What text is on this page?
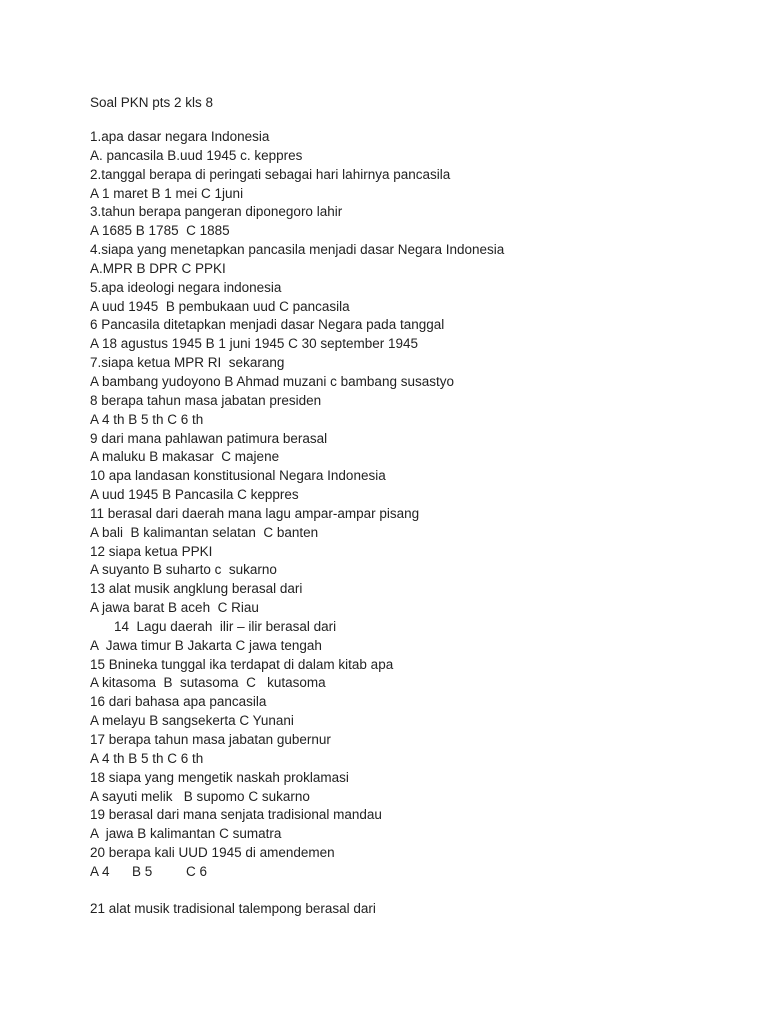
Soal PKN pts 2 kls 8
1.apa dasar negara Indonesia
A. pancasila B.uud 1945 c. keppres
2.tanggal berapa di peringati sebagai hari lahirnya pancasila
A 1 maret B 1 mei C 1juni
3.tahun berapa pangeran diponegoro lahir
A 1685 B 1785  C 1885
4.siapa yang menetapkan pancasila menjadi dasar Negara Indonesia
A.MPR B DPR C PPKI
5.apa ideologi negara indonesia
A uud 1945  B pembukaan uud C pancasila
6 Pancasila ditetapkan menjadi dasar Negara pada tanggal
A 18 agustus 1945 B 1 juni 1945 C 30 september 1945
7.siapa ketua MPR RI  sekarang
A bambang yudoyono B Ahmad muzani c bambang susastyo
8 berapa tahun masa jabatan presiden
A 4 th B 5 th C 6 th
9 dari mana pahlawan patimura berasal
A maluku B makasar  C majene
10 apa landasan konstitusional Negara Indonesia
A uud 1945 B Pancasila C keppres
11 berasal dari daerah mana lagu ampar-ampar pisang
A bali  B kalimantan selatan  C banten
12 siapa ketua PPKI
A suyanto B suharto c  sukarno
13 alat musik angklung berasal dari
A jawa barat B aceh  C Riau
14  Lagu daerah  ilir – ilir berasal dari
A  Jawa timur B Jakarta C jawa tengah
15 Bnineka tunggal ika terdapat di dalam kitab apa
A kitasoma  B  sutasoma  C   kutasoma
16 dari bahasa apa pancasila
A melayu B sangsekerta C Yunani
17 berapa tahun masa jabatan gubernur
A 4 th B 5 th C 6 th
18 siapa yang mengetik naskah proklamasi
A sayuti melik   B supomo C sukarno
19 berasal dari mana senjata tradisional mandau
A  jawa B kalimantan C sumatra
20 berapa kali UUD 1945 di amendemen
A 4      B 5         C 6
21 alat musik tradisional talempong berasal dari
